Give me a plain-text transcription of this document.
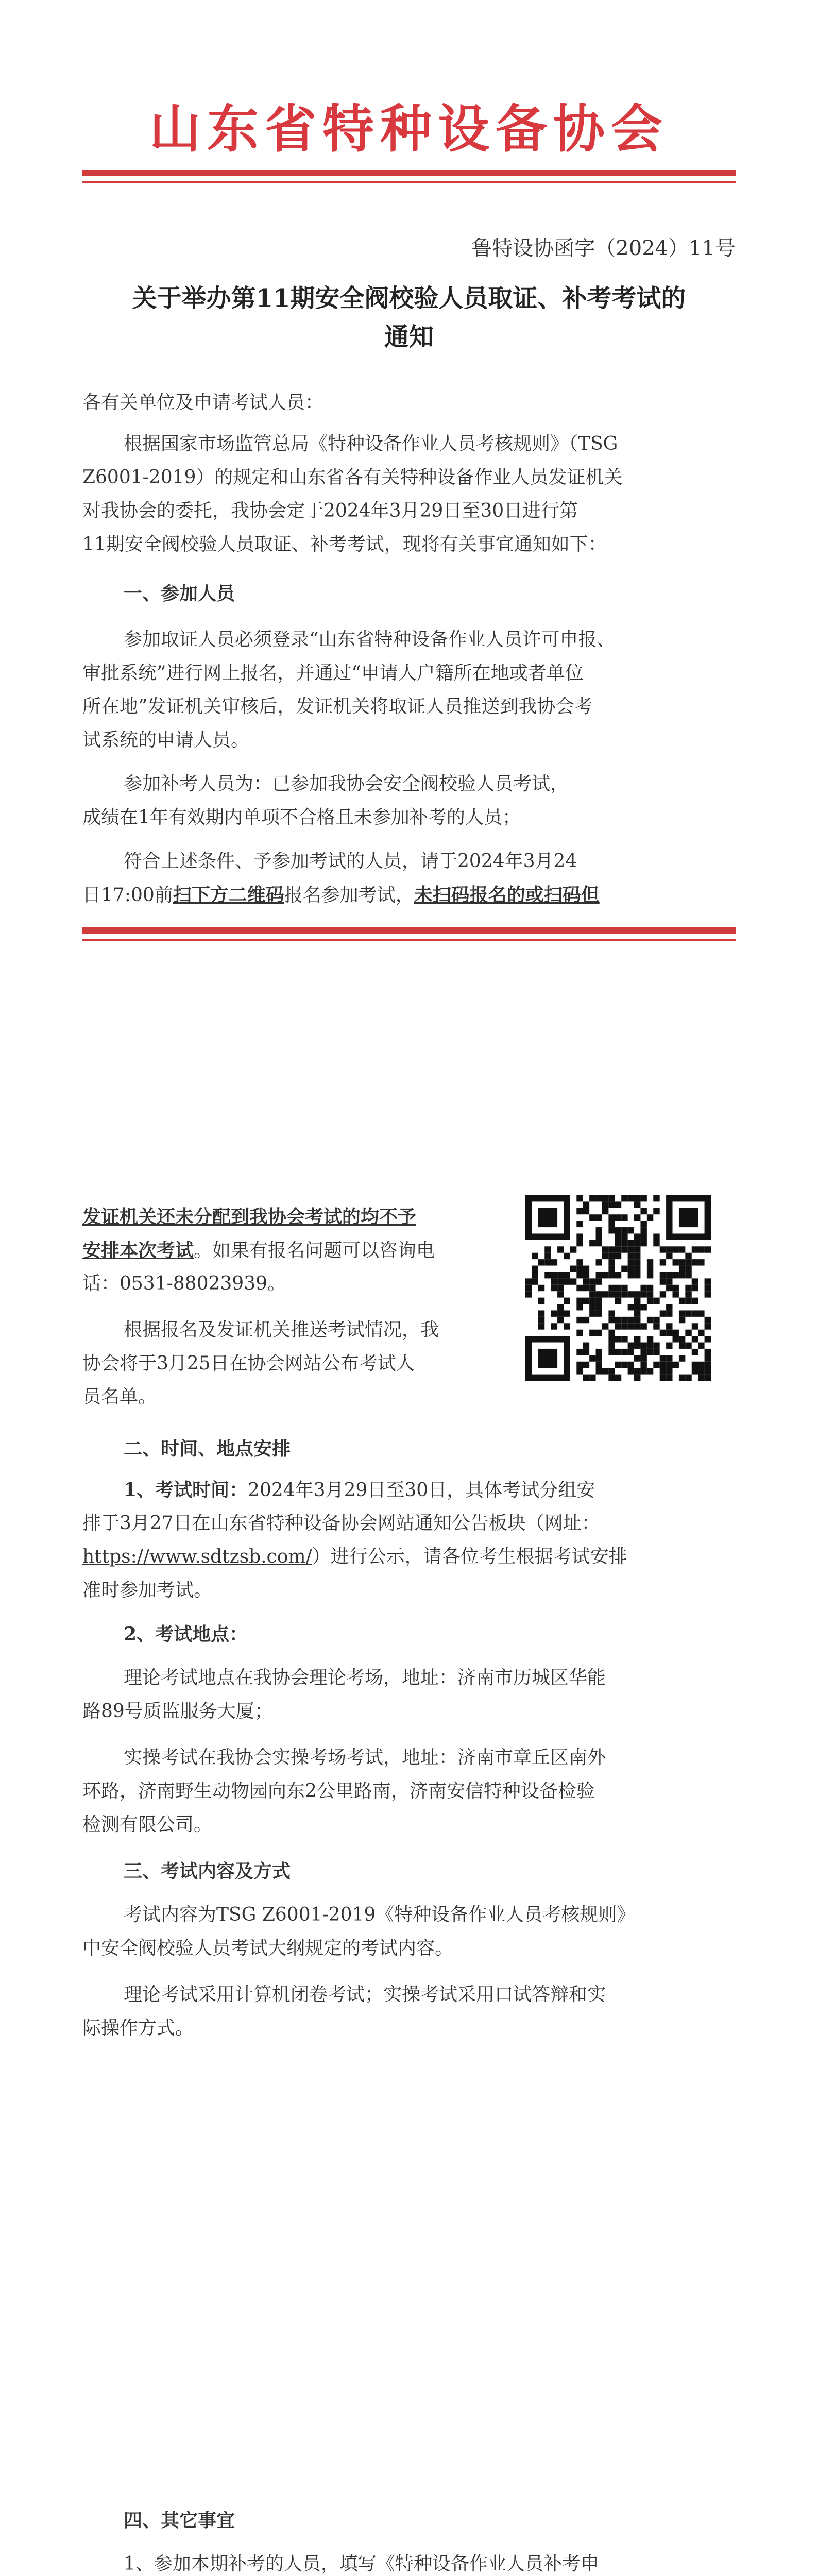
山东省特种设备协会
鲁特设协函字（2024）11号
关于举办第11期安全阀校验人员取证、补考考试的
通知
各有关单位及申请考试人员：
根据国家市场监管总局《特种设备作业人员考核规则》（TSG
Z6001-2019）的规定和山东省各有关特种设备作业人员发证机关
对我协会的委托，我协会定于2024年3月29日至30日进行第
11期安全阀校验人员取证、补考考试，现将有关事宜通知如下：
一、参加人员
参加取证人员必须登录“山东省特种设备作业人员许可申报、
审批系统”进行网上报名，并通过“申请人户籍所在地或者单位
所在地”发证机关审核后，发证机关将取证人员推送到我协会考
试系统的申请人员。
参加补考人员为：已参加我协会安全阀校验人员考试，
成绩在1年有效期内单项不合格且未参加补考的人员；
符合上述条件、予参加考试的人员，请于2024年3月24
日17:00前扫下方二维码报名参加考试，未扫码报名的或扫码但
发证机关还未分配到我协会考试的均不予
安排本次考试。如果有报名问题可以咨询电
话：0531-88023939。
根据报名及发证机关推送考试情况，我
协会将于3月25日在协会网站公布考试人
员名单。
二、时间、地点安排
1、考试时间：2024年3月29日至30日，具体考试分组安
排于3月27日在山东省特种设备协会网站通知公告板块（网址：
https://www.sdtzsb.com/）进行公示，请各位考生根据考试安排
准时参加考试。
2、考试地点：
理论考试地点在我协会理论考场，地址：济南市历城区华能
路89号质监服务大厦；
实操考试在我协会实操考场考试，地址：济南市章丘区南外
环路，济南野生动物园向东2公里路南，济南安信特种设备检验
检测有限公司。
三、考试内容及方式
考试内容为TSG Z6001-2019《特种设备作业人员考核规则》
中安全阀校验人员考试大纲规定的考试内容。
理论考试采用计算机闭卷考试；实操考试采用口试答辩和实
际操作方式。
四、其它事宜
1、参加本期补考的人员，填写《特种设备作业人员补考申
